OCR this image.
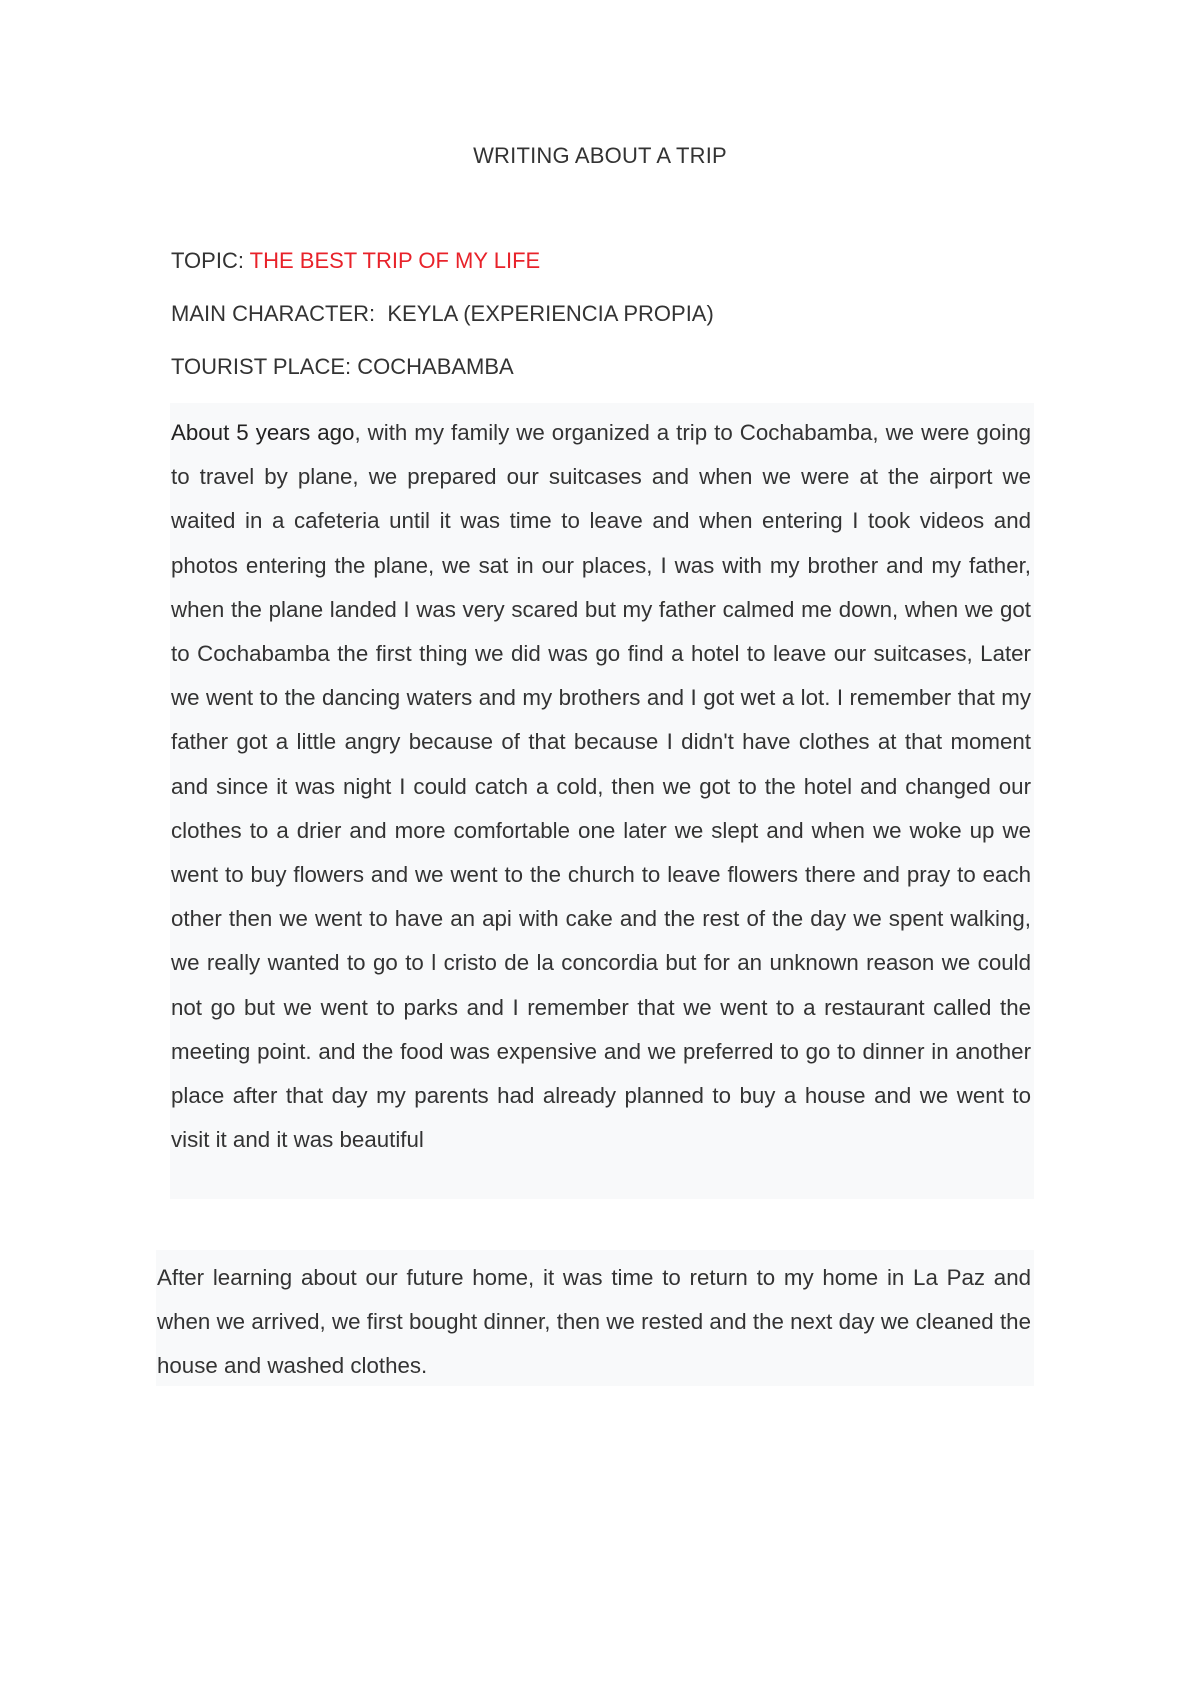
WRITING ABOUT A TRIP
TOPIC: THE BEST TRIP OF MY LIFE
MAIN CHARACTER:  KEYLA (EXPERIENCIA PROPIA)
TOURIST PLACE: COCHABAMBA

About 5 years ago, with my family we organized a trip to Cochabamba, we were going to travel by plane, we prepared our suitcases and when we were at the airport we waited in a cafeteria until it was time to leave and when entering I took videos and photos entering the plane, we sat in our places, I was with my brother and my father, when the plane landed I was very scared but my father calmed me down, when we got to Cochabamba the first thing we did was go find a hotel to leave our suitcases, Later we went to the dancing waters and my brothers and I got wet a lot. I remember that my father got a little angry because of that because I didn't have clothes at that moment and since it was night I could catch a cold, then we got to the hotel and changed our clothes to a drier and more comfortable one later we slept and when we woke up we went to buy flowers and we went to the church to leave flowers there and pray to each other then we went to have an api with cake and the rest of the day we spent walking, we really wanted to go to l cristo de la concordia but for an unknown reason we could not go but we went to parks and I remember that we went to a restaurant called the meeting point. and the food was expensive and we preferred to go to dinner in another place after that day my parents had already planned to buy a house and we went to visit it and it was beautiful

After learning about our future home, it was time to return to my home in La Paz and when we arrived, we first bought dinner, then we rested and the next day we cleaned the house and washed clothes.
